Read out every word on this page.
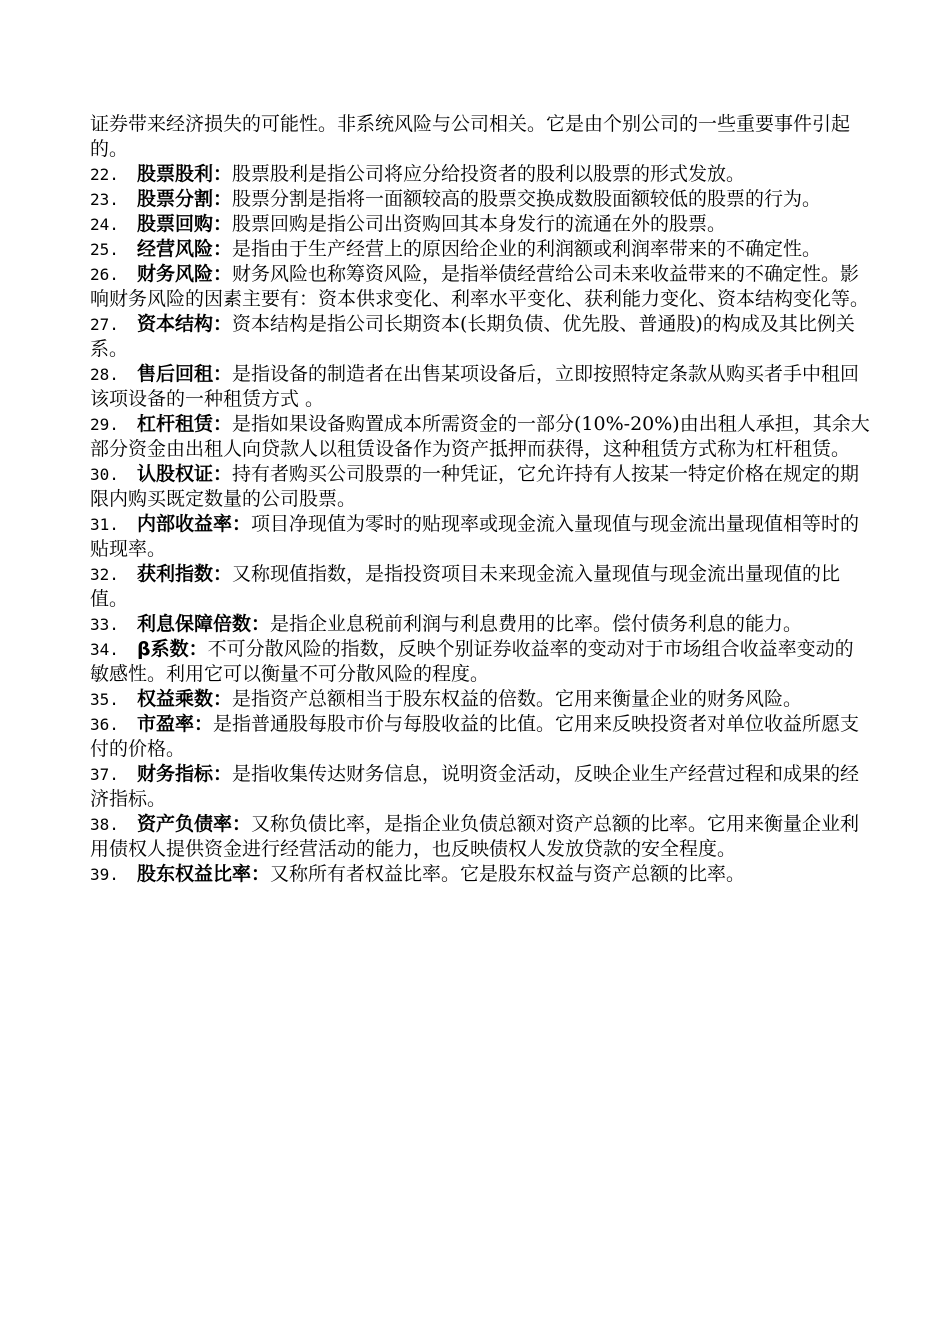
证券带来经济损失的可能性。非系统风险与公司相关。它是由个别公司的一些重要事件引起的。

22. 股票股利：股票股利是指公司将应分给投资者的股利以股票的形式发放。

23. 股票分割：股票分割是指将一面额较高的股票交换成数股面额较低的股票的行为。

24. 股票回购：股票回购是指公司出资购回其本身发行的流通在外的股票。

25. 经营风险：是指由于生产经营上的原因给企业的利润额或利润率带来的不确定性。

26. 财务风险：财务风险也称筹资风险，是指举债经营给公司未来收益带来的不确定性。影响财务风险的因素主要有：资本供求变化、利率水平变化、获利能力变化、资本结构变化等。

27. 资本结构：资本结构是指公司长期资本(长期负债、优先股、普通股)的构成及其比例关系。

28. 售后回租：是指设备的制造者在出售某项设备后，立即按照特定条款从购买者手中租回该项设备的一种租赁方式 。

29. 杠杆租赁：是指如果设备购置成本所需资金的一部分(10%-20%)由出租人承担，其余大部分资金由出租人向贷款人以租赁设备作为资产抵押而获得，这种租赁方式称为杠杆租赁。

30. 认股权证：持有者购买公司股票的一种凭证，它允许持有人按某一特定价格在规定的期限内购买既定数量的公司股票。

31. 内部收益率：项目净现值为零时的贴现率或现金流入量现值与现金流出量现值相等时的贴现率。

32. 获利指数：又称现值指数，是指投资项目未来现金流入量现值与现金流出量现值的比值。

33. 利息保障倍数：是指企业息税前利润与利息费用的比率。偿付债务利息的能力。

34. β系数：不可分散风险的指数，反映个别证券收益率的变动对于市场组合收益率变动的敏感性。利用它可以衡量不可分散风险的程度。

35. 权益乘数：是指资产总额相当于股东权益的倍数。它用来衡量企业的财务风险。

36. 市盈率：是指普通股每股市价与每股收益的比值。它用来反映投资者对单位收益所愿支付的价格。

37. 财务指标：是指收集传达财务信息，说明资金活动，反映企业生产经营过程和成果的经济指标。

38. 资产负债率：又称负债比率，是指企业负债总额对资产总额的比率。它用来衡量企业利用债权人提供资金进行经营活动的能力，也反映债权人发放贷款的安全程度。

39. 股东权益比率：又称所有者权益比率。它是股东权益与资产总额的比率。
